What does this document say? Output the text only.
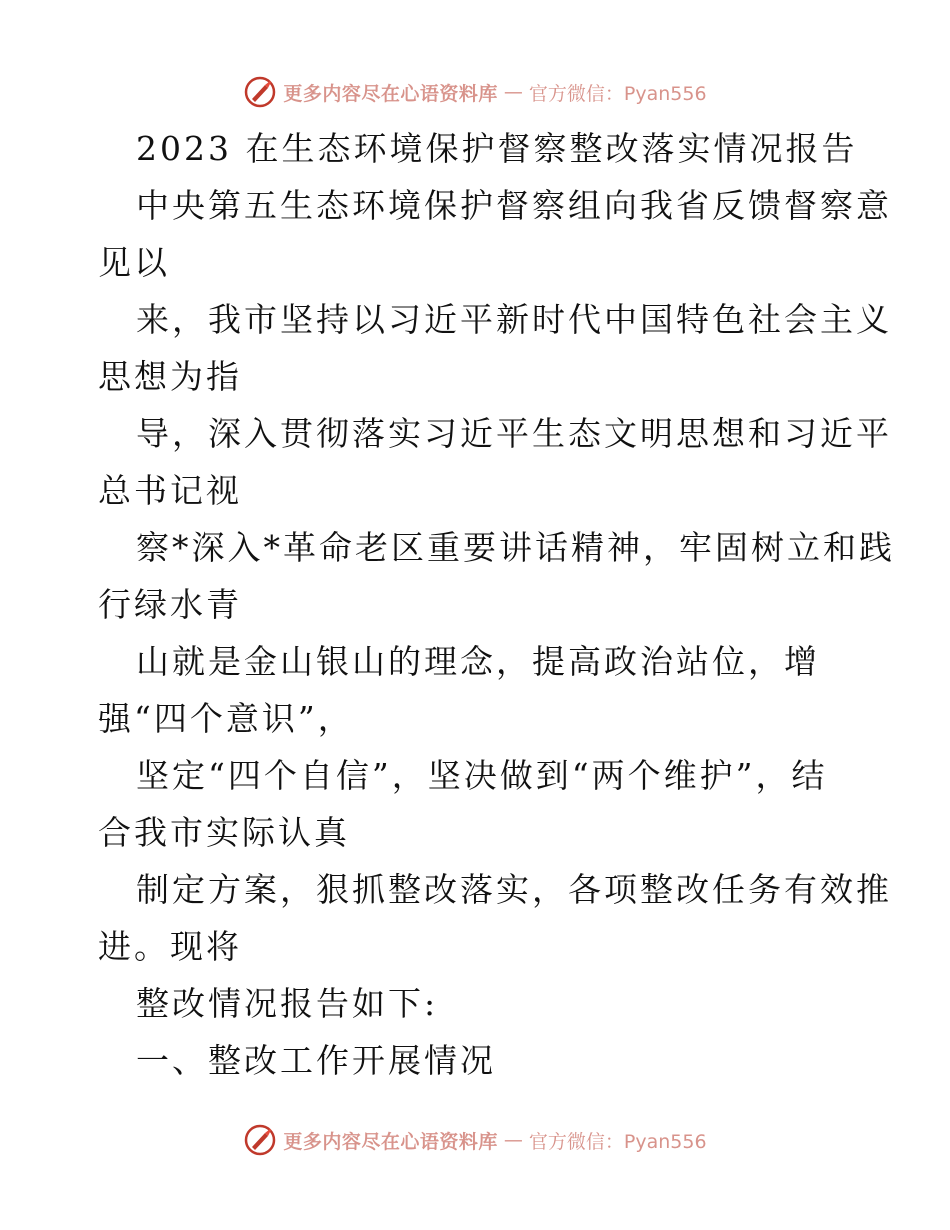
更多内容尽在心语资料库 — 官方微信：Pyan556
2023 在生态环境保护督察整改落实情况报告
中央第五生态环境保护督察组向我省反馈督察意
见以
来，我市坚持以习近平新时代中国特色社会主义
思想为指
导，深入贯彻落实习近平生态文明思想和习近平
总书记视
察*深入*革命老区重要讲话精神，牢固树立和践
行绿水青
山就是金山银山的理念，提高政治站位，增
强“四个意识”，
坚定“四个自信”，坚决做到“两个维护”，结
合我市实际认真
制定方案，狠抓整改落实，各项整改任务有效推
进。现将
整改情况报告如下:
一、整改工作开展情况
更多内容尽在心语资料库 — 官方微信：Pyan556
